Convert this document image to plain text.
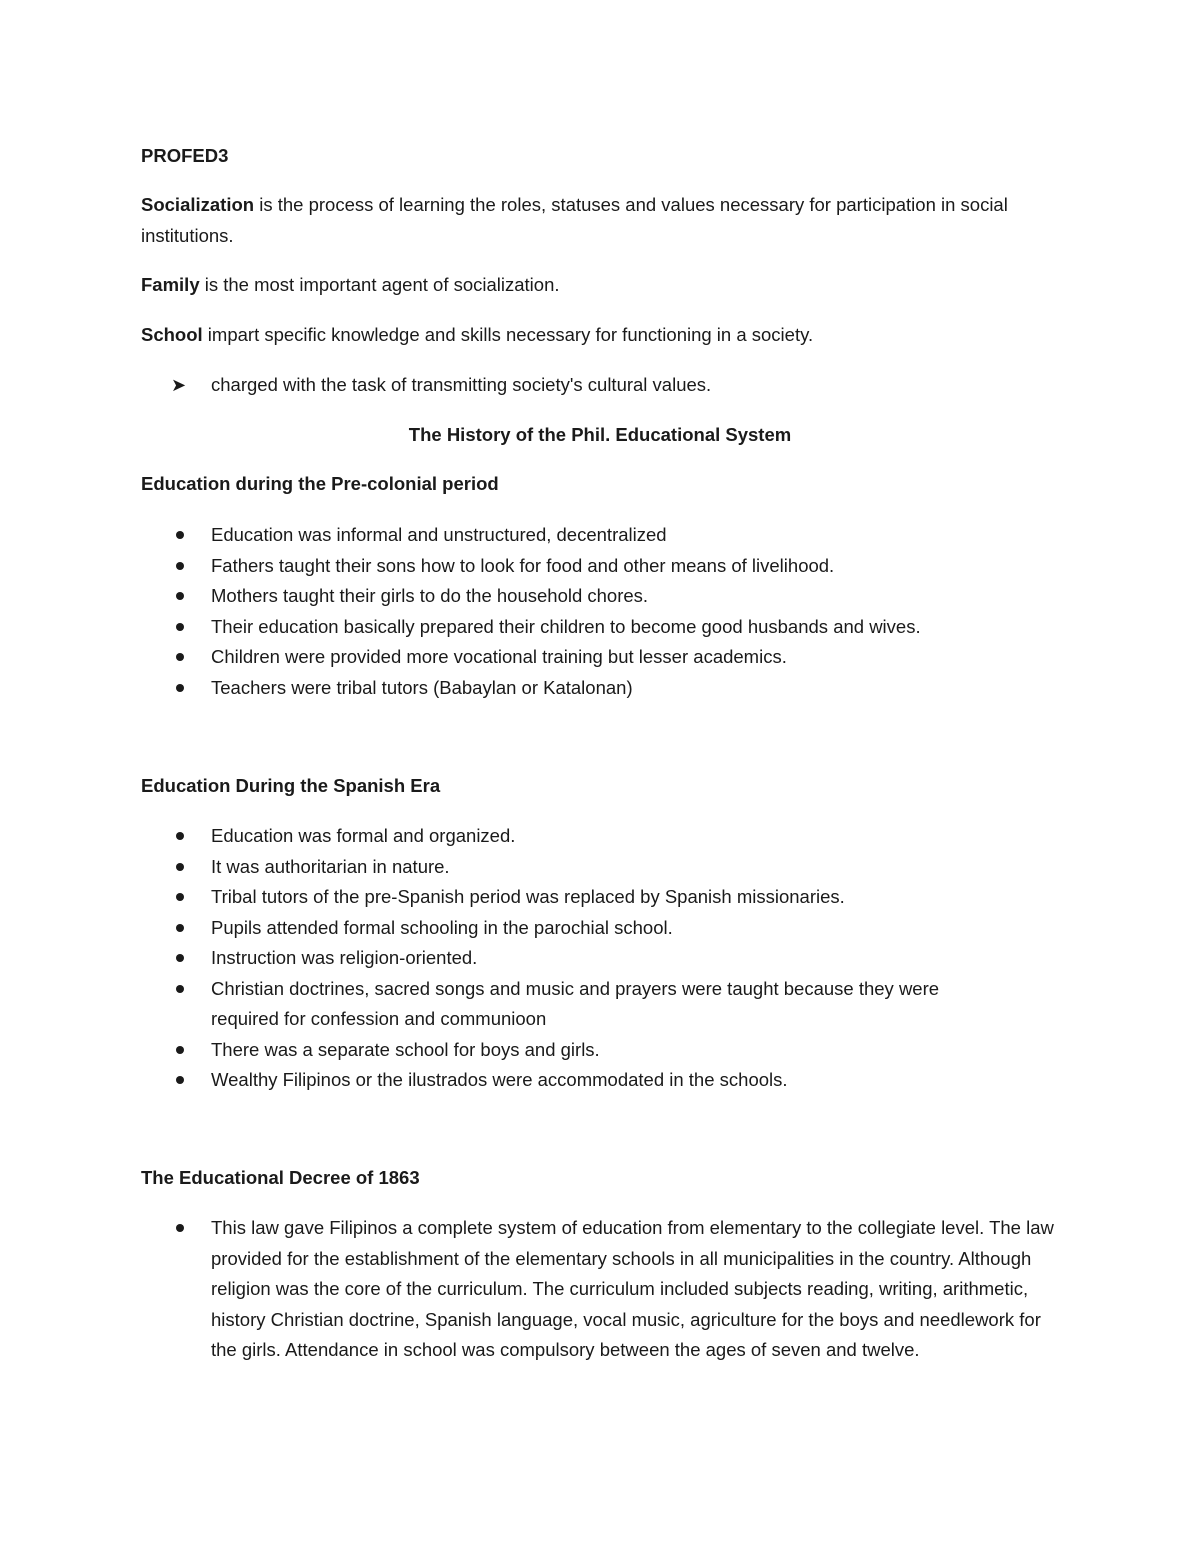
PROFED3
Socialization is the process of learning the roles, statuses and values necessary for participation in social institutions.
Family is the most important agent of socialization.
School impart specific knowledge and skills necessary for functioning in a society.
➤ charged with the task of transmitting society's cultural values.
The History of the Phil. Educational System
Education during the Pre-colonial period
Education was informal and unstructured, decentralized
Fathers taught their sons how to look for food and other means of livelihood.
Mothers taught their girls to do the household chores.
Their education basically prepared their children to become good husbands and wives.
Children were provided more vocational training but lesser academics.
Teachers were tribal tutors (Babaylan or Katalonan)
Education During the Spanish Era
Education was formal and organized.
It was authoritarian in nature.
Tribal tutors of the pre-Spanish period was replaced by Spanish missionaries.
Pupils attended formal schooling in the parochial school.
Instruction was religion-oriented.
Christian doctrines, sacred songs and music and prayers were taught because they were required for confession and communioon
There was a separate school for boys and girls.
Wealthy Filipinos or the ilustrados were accommodated in the schools.
The Educational Decree of 1863
This law gave Filipinos a complete system of education from elementary to the collegiate level. The law provided for the establishment of the elementary schools in all municipalities in the country. Although religion was the core of the curriculum. The curriculum included subjects reading, writing, arithmetic, history Christian doctrine, Spanish language, vocal music, agriculture for the boys and needlework for the girls. Attendance in school was compulsory between the ages of seven and twelve.
